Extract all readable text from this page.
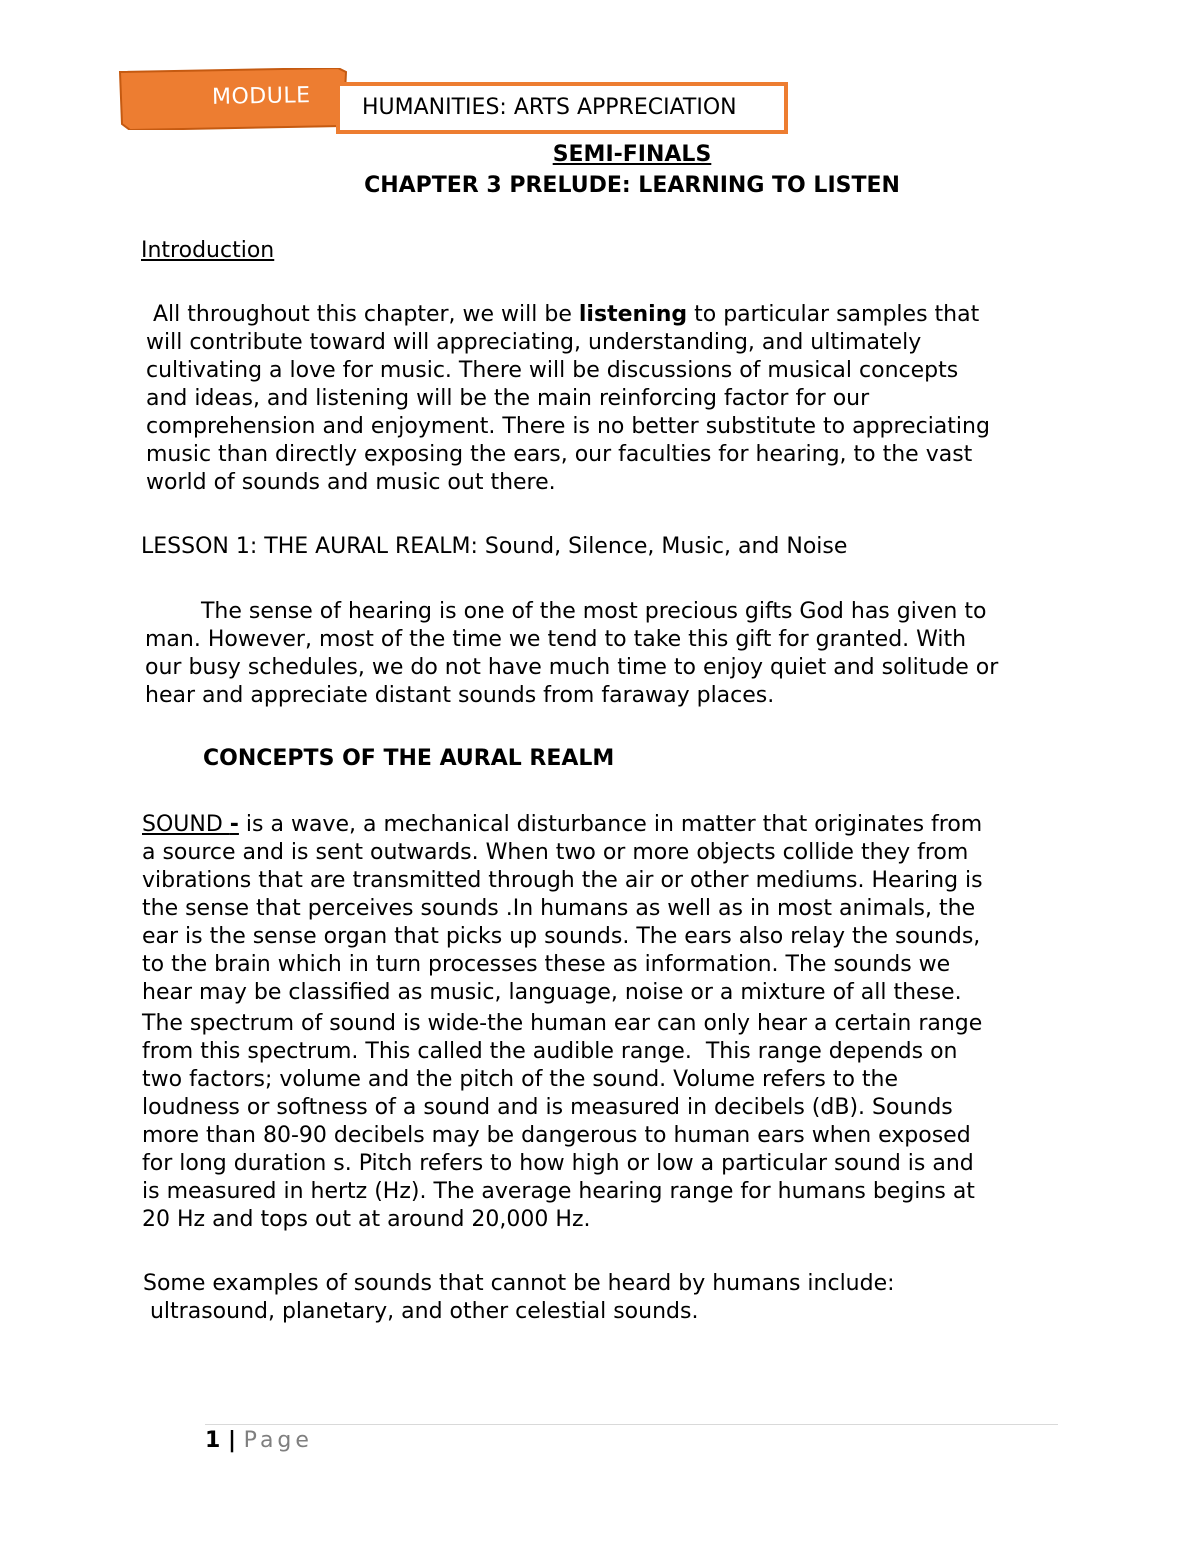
MODULE HUMANITIES: ARTS APPRECIATION
SEMI-FINALS
CHAPTER 3 PRELUDE: LEARNING TO LISTEN
Introduction
All throughout this chapter, we will be listening to particular samples that
will contribute toward will appreciating, understanding, and ultimately
cultivating a love for music. There will be discussions of musical concepts
and ideas, and listening will be the main reinforcing factor for our
comprehension and enjoyment. There is no better substitute to appreciating
music than directly exposing the ears, our faculties for hearing, to the vast
world of sounds and music out there.
LESSON 1: THE AURAL REALM: Sound, Silence, Music, and Noise
The sense of hearing is one of the most precious gifts God has given to
man. However, most of the time we tend to take this gift for granted. With
our busy schedules, we do not have much time to enjoy quiet and solitude or
hear and appreciate distant sounds from faraway places.
CONCEPTS OF THE AURAL REALM
SOUND - is a wave, a mechanical disturbance in matter that originates from
a source and is sent outwards. When two or more objects collide they from
vibrations that are transmitted through the air or other mediums. Hearing is
the sense that perceives sounds .In humans as well as in most animals, the
ear is the sense organ that picks up sounds. The ears also relay the sounds,
to the brain which in turn processes these as information. The sounds we
hear may be classified as music, language, noise or a mixture of all these.
The spectrum of sound is wide-the human ear can only hear a certain range
from this spectrum. This called the audible range.  This range depends on
two factors; volume and the pitch of the sound. Volume refers to the
loudness or softness of a sound and is measured in decibels (dB). Sounds
more than 80-90 decibels may be dangerous to human ears when exposed
for long duration s. Pitch refers to how high or low a particular sound is and
is measured in hertz (Hz). The average hearing range for humans begins at
20 Hz and tops out at around 20,000 Hz.
Some examples of sounds that cannot be heard by humans include:
ultrasound, planetary, and other celestial sounds.
1 | Page
